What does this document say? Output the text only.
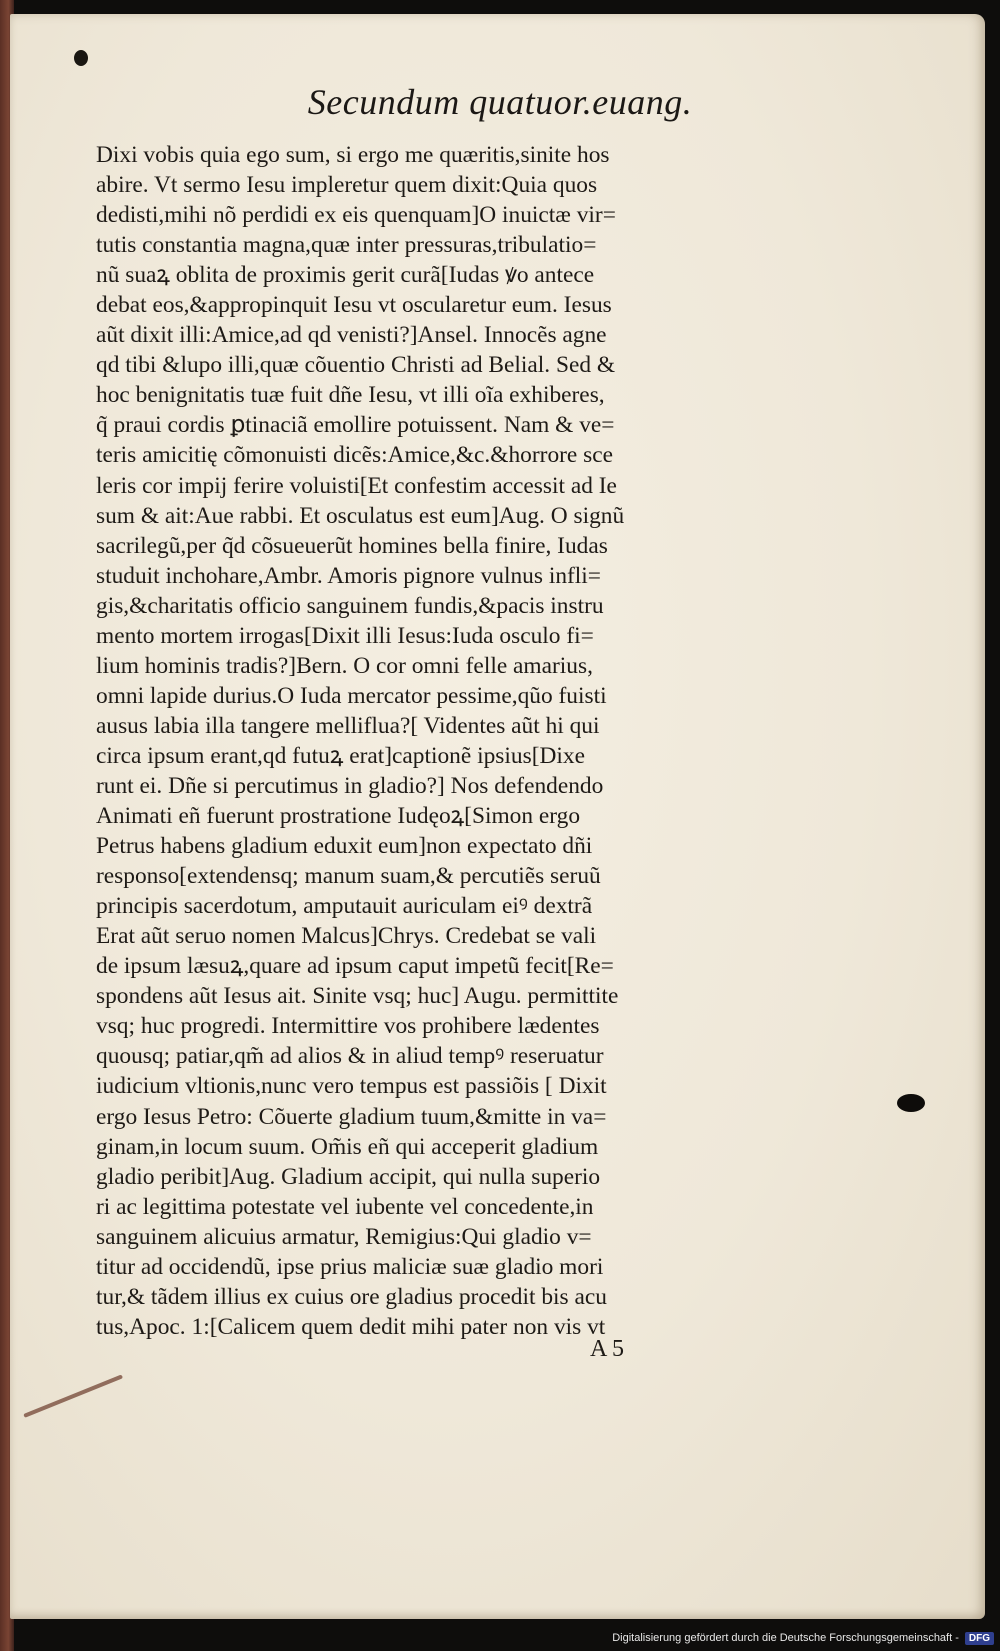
Secundum quatuor.euang.
Dixi vobis quia ego sum, si ergo me quæritis,sinite hos
abire. Vt sermo Iesu impleretur quem dixit:Quia quos
dedisti,mihi nõ perdidi ex eis quenquam]O inuictæ vir=
tutis constantia magna,quæ inter pressuras,tribulatio=
nũ suaꝝ oblita de proximis gerit curã[Iudas ꝟo antece
debat eos,&appropinquit Iesu vt oscularetur eum. Iesus
aũt dixit illi:Amice,ad qd venisti?]Ansel. Innocẽs agne
qd tibi &lupo illi,quæ cõuentio Christi ad Belial. Sed &
hoc benignitatis tuæ fuit dñe Iesu, vt illi oĩa exhiberes,
q̃ praui cordis ꝑtinaciã emollire potuissent. Nam & ve=
teris amicitię cõmonuisti dicẽs:Amice,&c.&horrore sce
leris cor impij ferire voluisti[Et confestim accessit ad Ie
sum & ait:Aue rabbi. Et osculatus est eum]Aug. O signũ
sacrilegũ,per q̃d cõsueuerũt homines bella finire, Iudas
studuit inchohare,Ambr. Amoris pignore vulnus infli=
gis,&charitatis officio sanguinem fundis,&pacis instru
mento mortem irrogas[Dixit illi Iesus:Iuda osculo fi=
lium hominis tradis?]Bern. O cor omni felle amarius,
omni lapide durius.O Iuda mercator pessime,qũo fuisti
ausus labia illa tangere melliflua?[ Videntes aũt hi qui
circa ipsum erant,qd futuꝝ erat]captionẽ ipsius[Dixe
runt ei. Dñe si percutimus in gladio?] Nos defendendo
Animati eñ fuerunt prostratione Iudęoꝝ[Simon ergo
Petrus habens gladium eduxit eum]non expectato dñi
responso[extendensq; manum suam,& percutiẽs seruũ
principis sacerdotum, amputauit auriculam eiꝰ dextrã
Erat aũt seruo nomen Malcus]Chrys. Credebat se vali
de ipsum læsuꝝ,quare ad ipsum caput impetũ fecit[Re=
spondens aũt Iesus ait. Sinite vsq; huc] Augu. permittite
vsq; huc progredi. Intermittire vos prohibere lædentes
quousq; patiar,qm̃ ad alios & in aliud tempꝰ reseruatur
iudicium vltionis,nunc vero tempus est passiõis [ Dixit
ergo Iesus Petro: Cõuerte gladium tuum,&mitte in va=
ginam,in locum suum. Om̃is eñ qui acceperit gladium
gladio peribit]Aug. Gladium accipit, qui nulla superio
ri ac legittima potestate vel iubente vel concedente,in
sanguinem alicuius armatur, Remigius:Qui gladio v=
titur ad occidendũ, ipse prius maliciæ suæ gladio mori
tur,& tãdem illius ex cuius ore gladius procedit bis acu
tus,Apoc. 1:[Calicem quem dedit mihi pater non vis vt
A 5
Digitalisierung gefördert durch die Deutsche Forschungsgemeinschaft -	DFG
